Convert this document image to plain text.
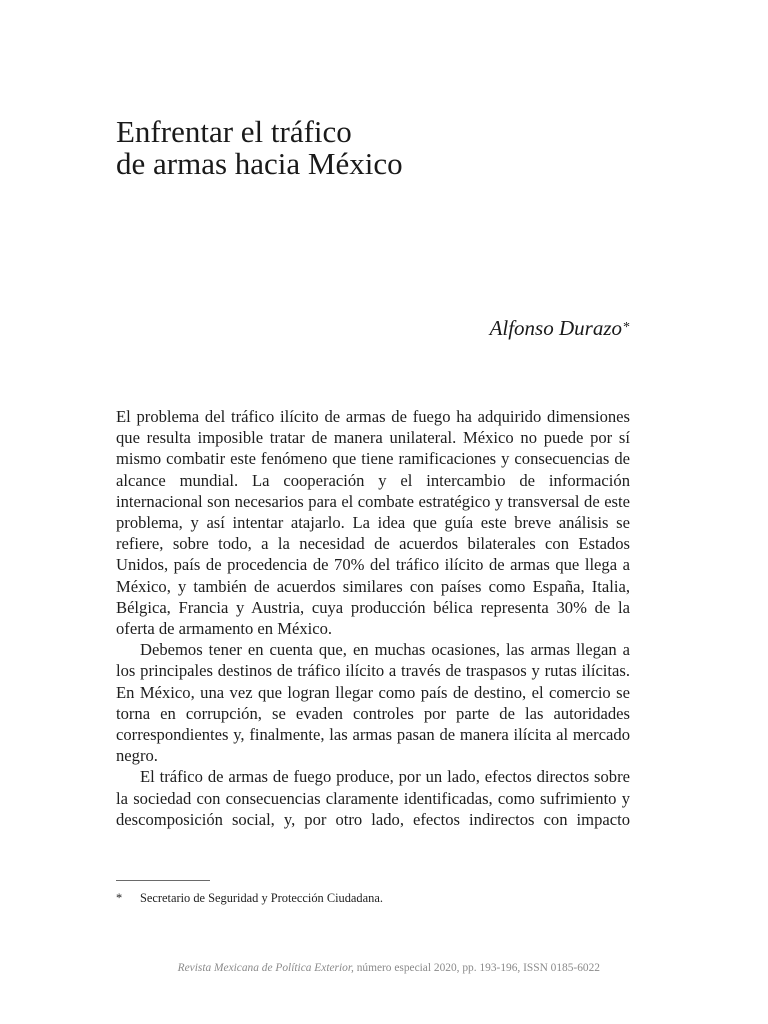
Enfrentar el tráfico
de armas hacia México
Alfonso Durazo*

El problema del tráfico ilícito de armas de fuego ha adquirido dimensiones que resulta imposible tratar de manera unilateral. México no puede por sí mismo combatir este fenómeno que tiene ramificaciones y consecuencias de alcance mundial. La cooperación y el intercambio de información internacional son necesarios para el combate estratégico y transversal de este problema, y así intentar atajarlo. La idea que guía este breve análisis se refiere, sobre todo, a la necesidad de acuerdos bilaterales con Estados Unidos, país de procedencia de 70% del tráfico ilícito de armas que llega a México, y también de acuerdos similares con países como España, Italia, Bélgica, Francia y Austria, cuya producción bélica representa 30% de la oferta de armamento en México.

Debemos tener en cuenta que, en muchas ocasiones, las armas llegan a los principales destinos de tráfico ilícito a través de traspasos y rutas ilícitas. En México, una vez que logran llegar como país de destino, el comercio se torna en corrupción, se evaden controles por parte de las autoridades correspondientes y, finalmente, las armas pasan de manera ilícita al mercado negro.

El tráfico de armas de fuego produce, por un lado, efectos directos sobre la sociedad con consecuencias claramente identificadas, como sufrimiento y descomposición social, y, por otro lado, efectos indirectos con impacto

* Secretario de Seguridad y Protección Ciudadana.
Revista Mexicana de Política Exterior, número especial 2020, pp. 193-196, ISSN 0185-6022
